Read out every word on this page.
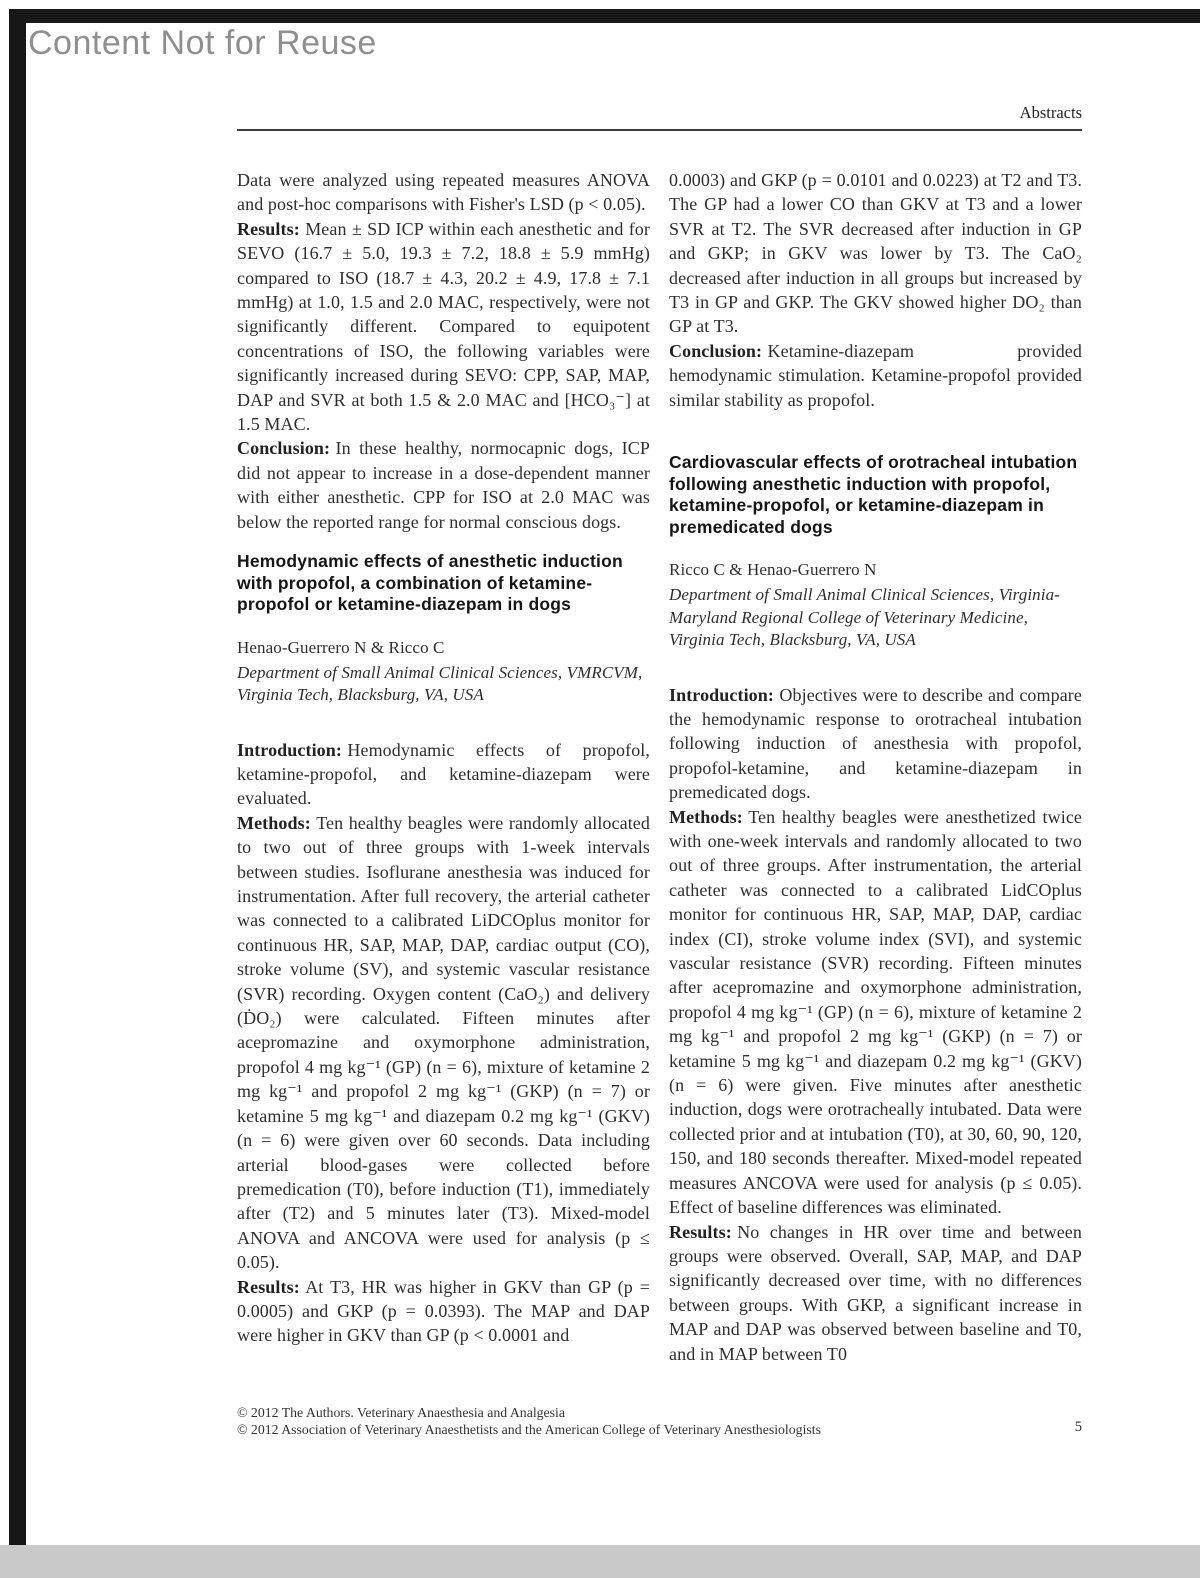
Content Not for Reuse
Abstracts

Data were analyzed using repeated measures ANOVA and post-hoc comparisons with Fisher's LSD (p < 0.05).

Results: Mean ± SD ICP within each anesthetic and for SEVO (16.7 ± 5.0, 19.3 ± 7.2, 18.8 ± 5.9 mmHg) compared to ISO (18.7 ± 4.3, 20.2 ± 4.9, 17.8 ± 7.1 mmHg) at 1.0, 1.5 and 2.0 MAC, respectively, were not significantly different. Compared to equipotent concentrations of ISO, the following variables were significantly increased during SEVO: CPP, SAP, MAP, DAP and SVR at both 1.5 & 2.0 MAC and [HCO₃⁻] at 1.5 MAC.

Conclusion: In these healthy, normocapnic dogs, ICP did not appear to increase in a dose-dependent manner with either anesthetic. CPP for ISO at 2.0 MAC was below the reported range for normal conscious dogs.

Hemodynamic effects of anesthetic induction with propofol, a combination of ketamine-propofol or ketamine-diazepam in dogs

Henao-Guerrero N & Ricco C

Department of Small Animal Clinical Sciences, VMRCVM, Virginia Tech, Blacksburg, VA, USA

Introduction: Hemodynamic effects of propofol, ketamine-propofol, and ketamine-diazepam were evaluated.

Methods: Ten healthy beagles were randomly allocated to two out of three groups with 1-week intervals between studies. Isoflurane anesthesia was induced for instrumentation. After full recovery, the arterial catheter was connected to a calibrated LiDCOplus monitor for continuous HR, SAP, MAP, DAP, cardiac output (CO), stroke volume (SV), and systemic vascular resistance (SVR) recording. Oxygen content (CaO₂) and delivery (ḊO₂) were calculated. Fifteen minutes after acepromazine and oxymorphone administration, propofol 4 mg kg⁻¹ (GP) (n = 6), mixture of ketamine 2 mg kg⁻¹ and propofol 2 mg kg⁻¹ (GKP) (n = 7) or ketamine 5 mg kg⁻¹ and diazepam 0.2 mg kg⁻¹ (GKV) (n = 6) were given over 60 seconds. Data including arterial blood-gases were collected before premedication (T0), before induction (T1), immediately after (T2) and 5 minutes later (T3). Mixed-model ANOVA and ANCOVA were used for analysis (p ≤ 0.05).

Results: At T3, HR was higher in GKV than GP (p = 0.0005) and GKP (p = 0.0393). The MAP and DAP were higher in GKV than GP (p < 0.0001 and

0.0003) and GKP (p = 0.0101 and 0.0223) at T2 and T3. The GP had a lower CO than GKV at T3 and a lower SVR at T2. The SVR decreased after induction in GP and GKP; in GKV was lower by T3. The CaO₂ decreased after induction in all groups but increased by T3 in GP and GKP. The GKV showed higher DO₂ than GP at T3.

Conclusion: Ketamine-diazepam provided hemodynamic stimulation. Ketamine-propofol provided similar stability as propofol.

Cardiovascular effects of orotracheal intubation following anesthetic induction with propofol, ketamine-propofol, or ketamine-diazepam in premedicated dogs

Ricco C & Henao-Guerrero N

Department of Small Animal Clinical Sciences, Virginia-Maryland Regional College of Veterinary Medicine, Virginia Tech, Blacksburg, VA, USA

Introduction: Objectives were to describe and compare the hemodynamic response to orotracheal intubation following induction of anesthesia with propofol, propofol-ketamine, and ketamine-diazepam in premedicated dogs.

Methods: Ten healthy beagles were anesthetized twice with one-week intervals and randomly allocated to two out of three groups. After instrumentation, the arterial catheter was connected to a calibrated LidCOplus monitor for continuous HR, SAP, MAP, DAP, cardiac index (CI), stroke volume index (SVI), and systemic vascular resistance (SVR) recording. Fifteen minutes after acepromazine and oxymorphone administration, propofol 4 mg kg⁻¹ (GP) (n = 6), mixture of ketamine 2 mg kg⁻¹ and propofol 2 mg kg⁻¹ (GKP) (n = 7) or ketamine 5 mg kg⁻¹ and diazepam 0.2 mg kg⁻¹ (GKV) (n = 6) were given. Five minutes after anesthetic induction, dogs were orotracheally intubated. Data were collected prior and at intubation (T0), at 30, 60, 90, 120, 150, and 180 seconds thereafter. Mixed-model repeated measures ANCOVA were used for analysis (p ≤ 0.05). Effect of baseline differences was eliminated.

Results: No changes in HR over time and between groups were observed. Overall, SAP, MAP, and DAP significantly decreased over time, with no differences between groups. With GKP, a significant increase in MAP and DAP was observed between baseline and T0, and in MAP between T0

© 2012 The Authors. Veterinary Anaesthesia and Analgesia

© 2012 Association of Veterinary Anaesthetists and the American College of Veterinary Anesthesiologists	5
